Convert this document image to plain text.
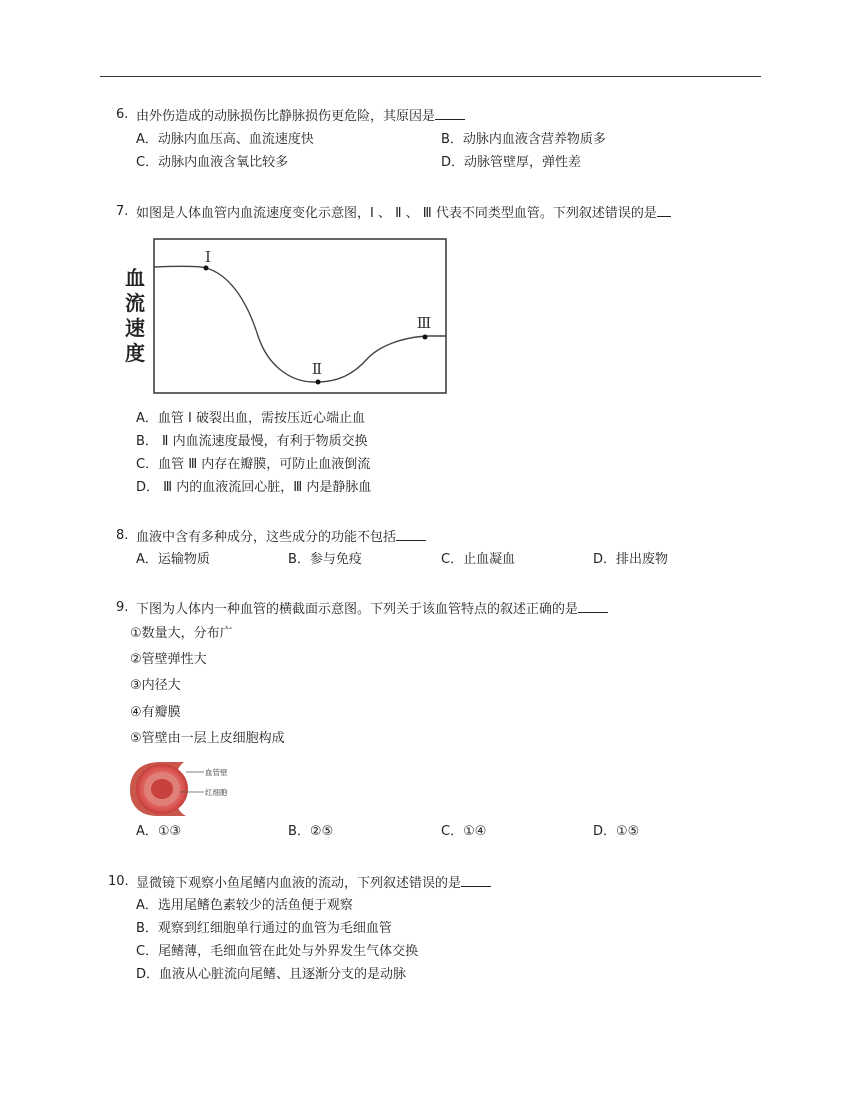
6. 由外伤造成的动脉损伤比静脉损伤更危险，其原因是
A．动脉内血压高、血流速度快	B．动脉内血液含营养物质多
C．动脉内血液含氧比较多	D．动脉管壁厚，弹性差
7. 如图是人体血管内血流速度变化示意图，Ⅰ 、 Ⅱ 、 Ⅲ 代表不同类型血管。下列叙述错误的是
血
流
速
度
Ⅰ
Ⅱ
Ⅲ
A．血管 Ⅰ 破裂出血，需按压近心端止血
B． Ⅱ 内血流速度最慢，有利于物质交换
C．血管 Ⅲ 内存在瓣膜，可防止血液倒流
D． Ⅲ 内的血液流回心脏，Ⅲ 内是静脉血
8. 血液中含有多种成分，这些成分的功能不包括
A．运输物质	B．参与免疫	C．止血凝血	D．排出废物
9. 下图为人体内一种血管的横截面示意图。下列关于该血管特点的叙述正确的是
①数量大，分布广
②管壁弹性大
③内径大
④有瓣膜
⑤管壁由一层上皮细胞构成
血管壁
红细胞
A．①③	B．②⑤	C．①④	D．①⑤
10. 显微镜下观察小鱼尾鳍内血液的流动，下列叙述错误的是
A．选用尾鳍色素较少的活鱼便于观察
B．观察到红细胞单行通过的血管为毛细血管
C．尾鳍薄，毛细血管在此处与外界发生气体交换
D．血液从心脏流向尾鳍、且逐渐分支的是动脉
